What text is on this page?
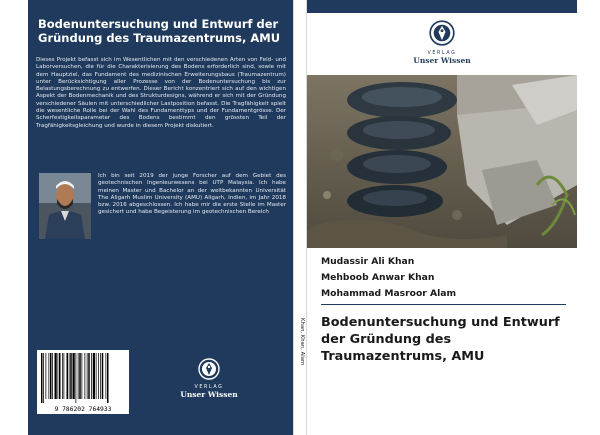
Bodenuntersuchung und Entwurf der Gründung des Traumazentrums, AMU
Dieses Projekt befasst sich im Wesentlichen mit den verschiedenen Arten von Feld- und Laborversuchen, die für die Charakterisierung des Bodens erforderlich sind, sowie mit dem Hauptziel, das Fundament des medizinischen Erweiterungsbaus (Traumazentrum) unter Berücksichtigung aller Prozesse von der Bodenuntersuchung bis zur Belastungsberechnung zu entwerfen. Dieser Bericht konzentriert sich auf den wichtigen Aspekt der Bodenmechanik und des Strukturdesigns, während er sich mit der Gründung verschiedener Säulen mit unterschiedlicher Lastposition befasst. Die Tragfähigkeit spielt die wesentliche Rolle bei der Wahl des Fundamenttyps und der Fundamentgrösse. Der Scherfestigkeitsparameter des Bodens bestimmt den grössten Teil der Tragfähigkeitsgleichung und wurde in diesem Projekt diskutiert.
Ich bin seit 2019 der junge Forscher auf dem Gebiet des geotechnischen Ingenieurwesens bei UTP Malaysia. Ich habe meinen Master und Bachelor an der weltbekannten Universität The Aligarh Muslim University (AMU) Aligarh, Indien, im Jahr 2018 bzw. 2016 abgeschlossen. Ich habe mir die erste Stelle im Master gesichert und habe Begeisterung im geotechnischen Bereich
9 786202 764933
VERLAG
Unser Wissen
Khan, Khan, Alam
VERLAG
Unser Wissen
Mudassir Ali Khan
Mehboob Anwar Khan
Mohammad Masroor Alam
Bodenuntersuchung und Entwurf der Gründung des Traumazentrums, AMU
